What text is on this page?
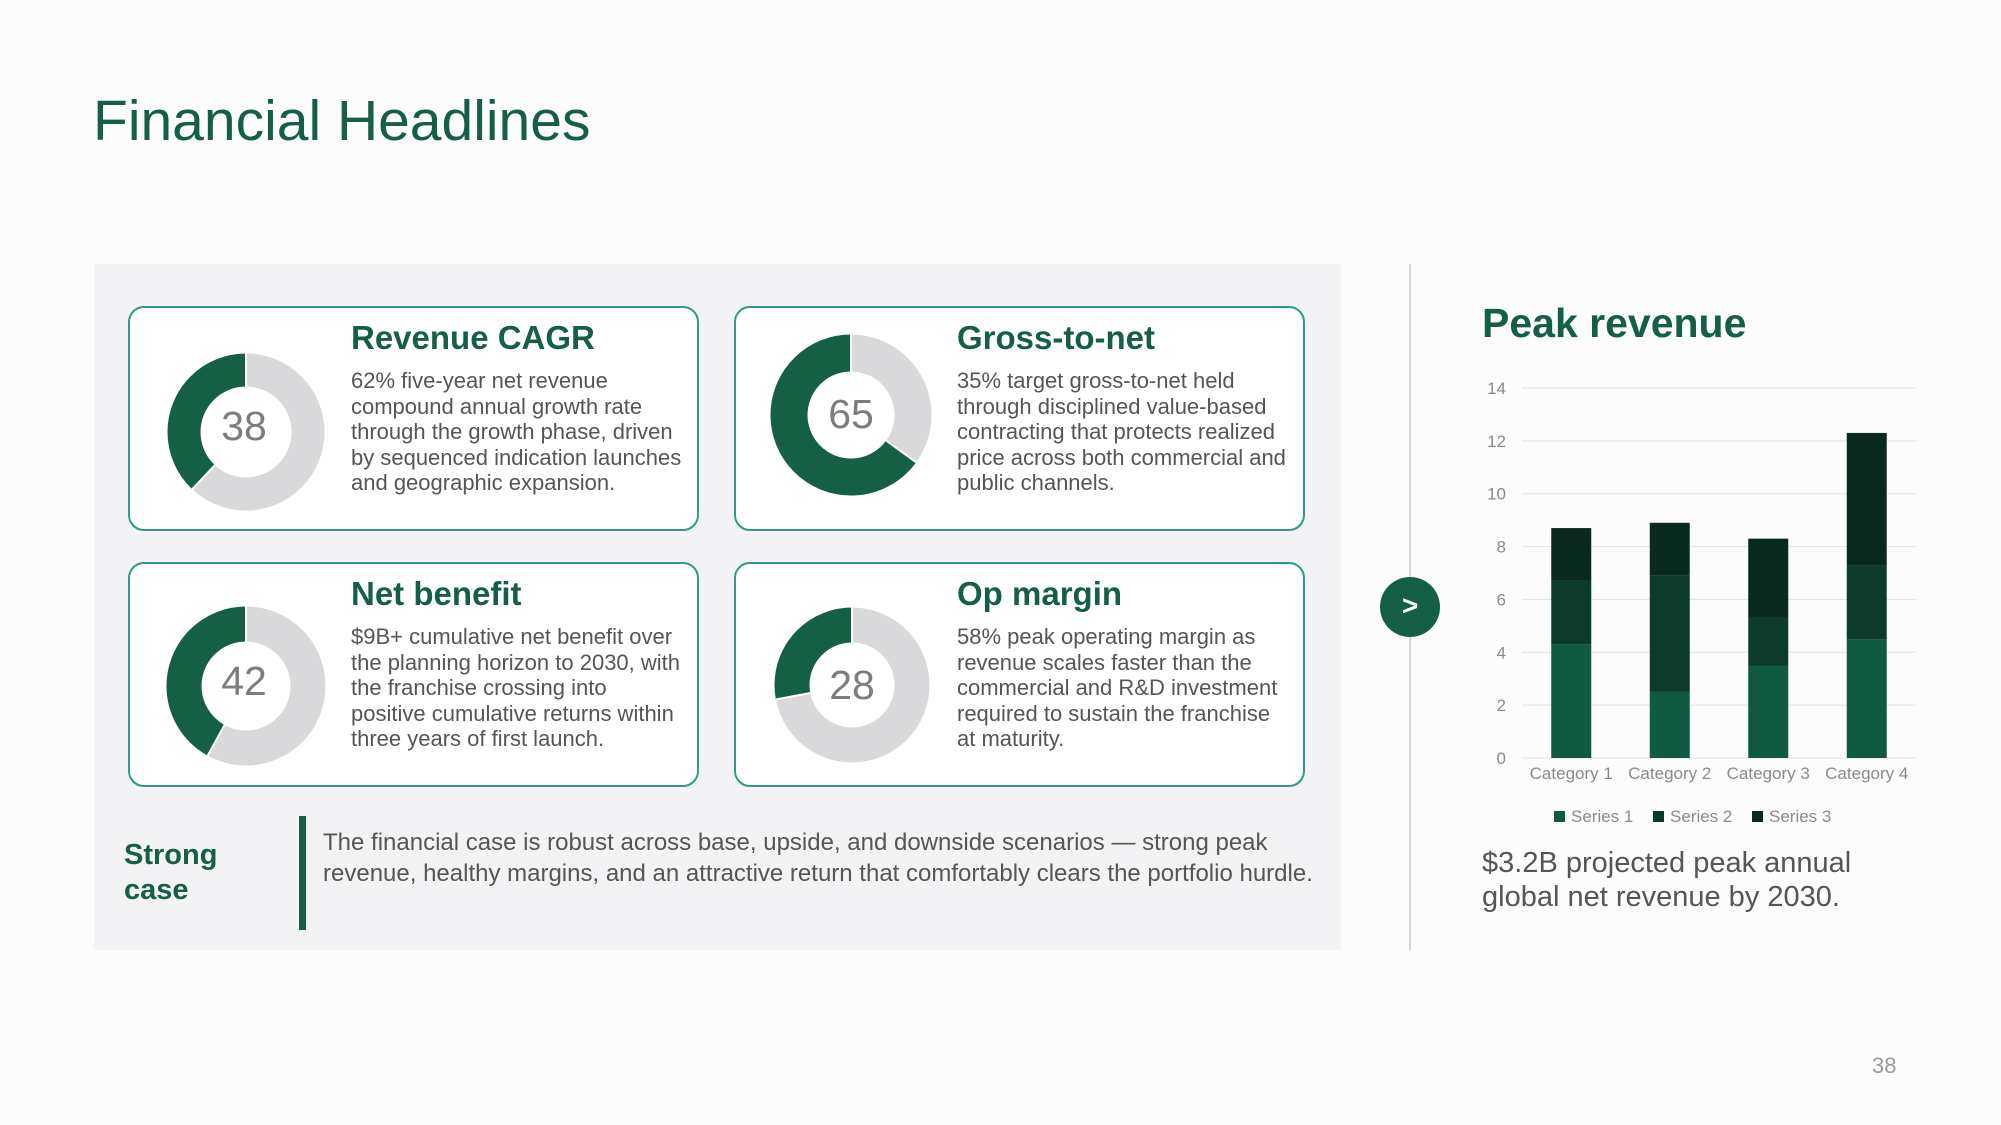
Financial Headlines
38
Revenue CAGR
62% five-year net revenue compound annual growth rate through the growth phase, driven by sequenced indication launches and geographic expansion.
65
Gross-to-net
35% target gross-to-net held through disciplined value-based contracting that protects realized price across both commercial and public channels.
42
Net benefit
$9B+ cumulative net benefit over the planning horizon to 2030, with the franchise crossing into positive cumulative returns within three years of first launch.
28
Op margin
58% peak operating margin as revenue scales faster than the commercial and R&D investment required to sustain the franchise at maturity.
Strong case
The financial case is robust across base, upside, and downside scenarios — strong peak revenue, healthy margins, and an attractive return that comfortably clears the portfolio hurdle.
>
Peak revenue
0
2
4
6
8
10
12
14
Category 1 Category 2 Category 3 Category 4
Series 1 Series 2 Series 3
$3.2B projected peak annual global net revenue by 2030.
38
